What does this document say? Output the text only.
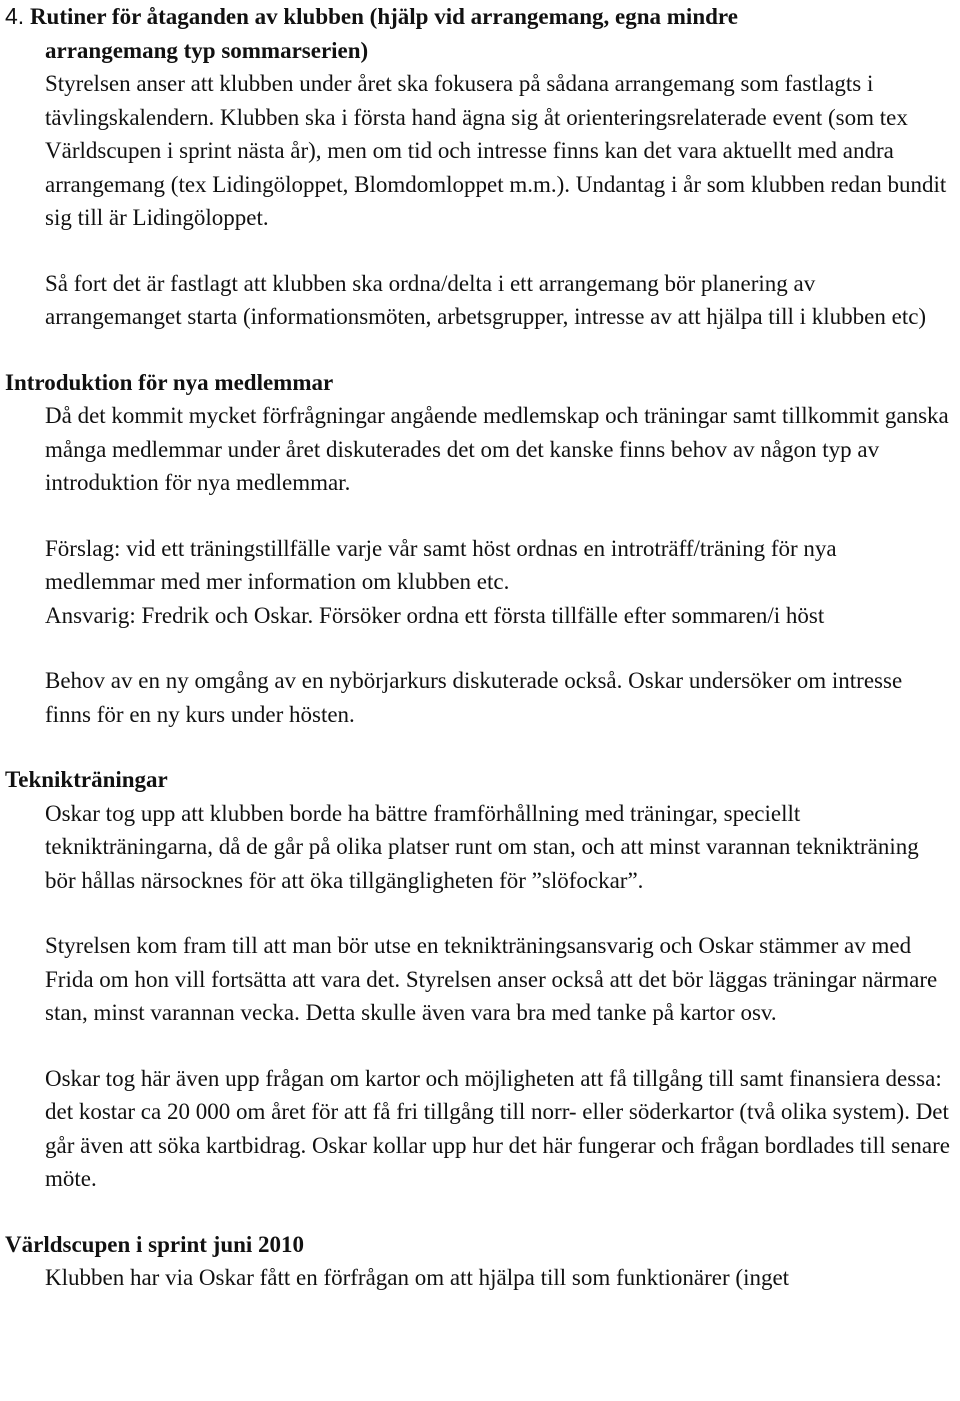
4. Rutiner för åtaganden av klubben (hjälp vid arrangemang, egna mindre
arrangemang typ sommarserien)

Styrelsen anser att klubben under året ska fokusera på sådana arrangemang som fastlagts i tävlingskalendern. Klubben ska i första hand ägna sig åt orienteringsrelaterade event (som tex Världscupen i sprint nästa år), men om tid och intresse finns kan det vara aktuellt med andra arrangemang (tex Lidingöloppet, Blomdomloppet m.m.). Undantag i år som klubben redan bundit sig till är Lidingöloppet.

Så fort det är fastlagt att klubben ska ordna/delta i ett arrangemang bör planering av arrangemanget starta (informationsmöten, arbetsgrupper, intresse av att hjälpa till i klubben etc)

Introduktion för nya medlemmar

Då det kommit mycket förfrågningar angående medlemskap och träningar samt tillkommit ganska många medlemmar under året diskuterades det om det kanske finns behov av någon typ av introduktion för nya medlemmar.

Förslag: vid ett träningstillfälle varje vår samt höst ordnas en introträff/träning för nya medlemmar med mer information om klubben etc.

Ansvarig: Fredrik och Oskar. Försöker ordna ett första tillfälle efter sommaren/i höst

Behov av en ny omgång av en nybörjarkurs diskuterade också. Oskar undersöker om intresse finns för en ny kurs under hösten.

Teknikträningar

Oskar tog upp att klubben borde ha bättre framförhållning med träningar, speciellt teknikträningarna, då de går på olika platser runt om stan, och att minst varannan teknikträning bör hållas närsocknes för att öka tillgängligheten för ”slöfockar”.

Styrelsen kom fram till att man bör utse en teknikträningsansvarig och Oskar stämmer av med Frida om hon vill fortsätta att vara det. Styrelsen anser också att det bör läggas träningar närmare stan, minst varannan vecka. Detta skulle även vara bra med tanke på kartor osv.

Oskar tog här även upp frågan om kartor och möjligheten att få tillgång till samt finansiera dessa: det kostar ca 20 000 om året för att få fri tillgång till norr- eller söderkartor (två olika system). Det går även att söka kartbidrag. Oskar kollar upp hur det här fungerar och frågan bordlades till senare möte.

Världscupen i sprint juni 2010

Klubben har via Oskar fått en förfrågan om att hjälpa till som funktionärer (inget
